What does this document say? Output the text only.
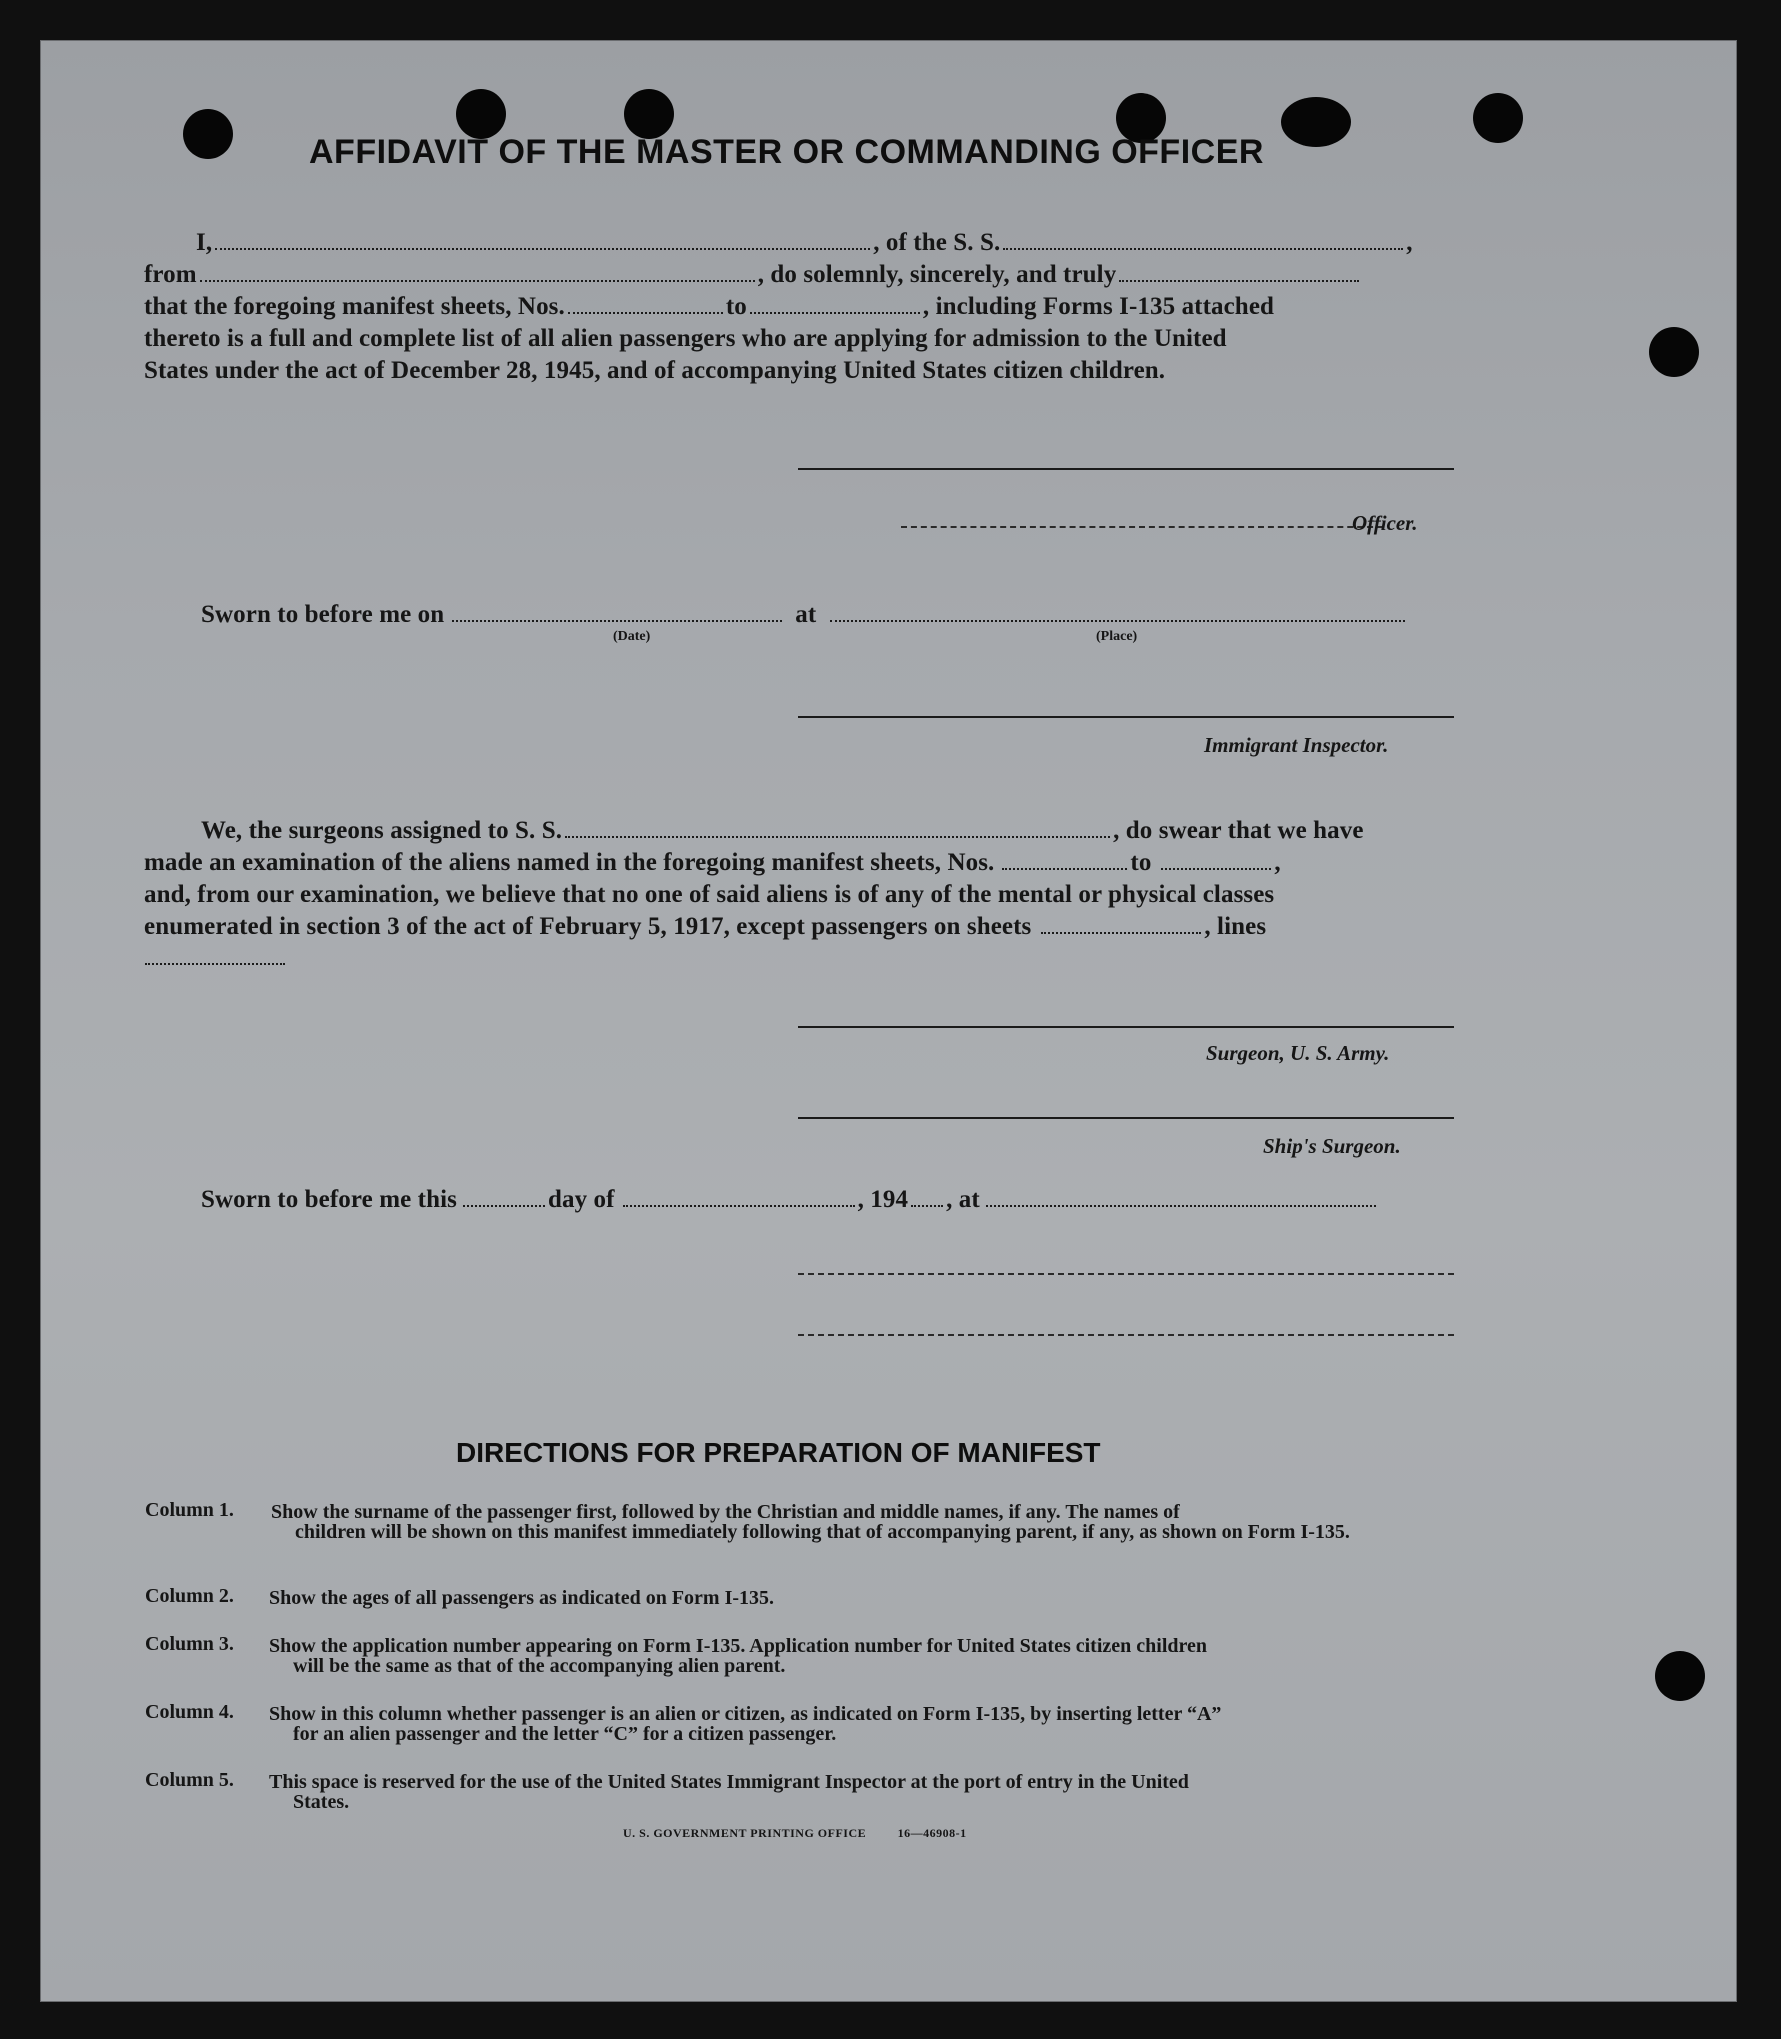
AFFIDAVIT OF THE MASTER OR COMMANDING OFFICER
I,	, of the S. S.	,
from	, do solemnly, sincerely, and truly
that the foregoing manifest sheets, Nos.	to	, including Forms I-135 attached
thereto is a full and complete list of all alien passengers who are applying for admission to the United
States under the act of December 28, 1945, and of accompanying United States citizen children.
Officer.
Sworn to before me on	at
(Date)	(Place)
Immigrant Inspector.
We, the surgeons assigned to S. S.	, do swear that we have
made an examination of the aliens named in the foregoing manifest sheets, Nos.	to	,
and, from our examination, we believe that no one of said aliens is of any of the mental or physical classes
enumerated in section 3 of the act of February 5, 1917, except passengers on sheets	, lines
Surgeon, U. S. Army.
Ship's Surgeon.
Sworn to before me this	day of	, 194 , at
DIRECTIONS FOR PREPARATION OF MANIFEST
Column 1. Show the surname of the passenger first, followed by the Christian and middle names, if any. The names of
children will be shown on this manifest immediately following that of accompanying parent, if any, as shown on Form I-135.
Column 2. Show the ages of all passengers as indicated on Form I-135.
Column 3. Show the application number appearing on Form I-135. Application number for United States citizen children
will be the same as that of the accompanying alien parent.
Column 4. Show in this column whether passenger is an alien or citizen, as indicated on Form I-135, by inserting letter “A”
for an alien passenger and the letter “C” for a citizen passenger.
Column 5. This space is reserved for the use of the United States Immigrant Inspector at the port of entry in the United
States.
U. S. GOVERNMENT PRINTING OFFICE	16—46908-1
